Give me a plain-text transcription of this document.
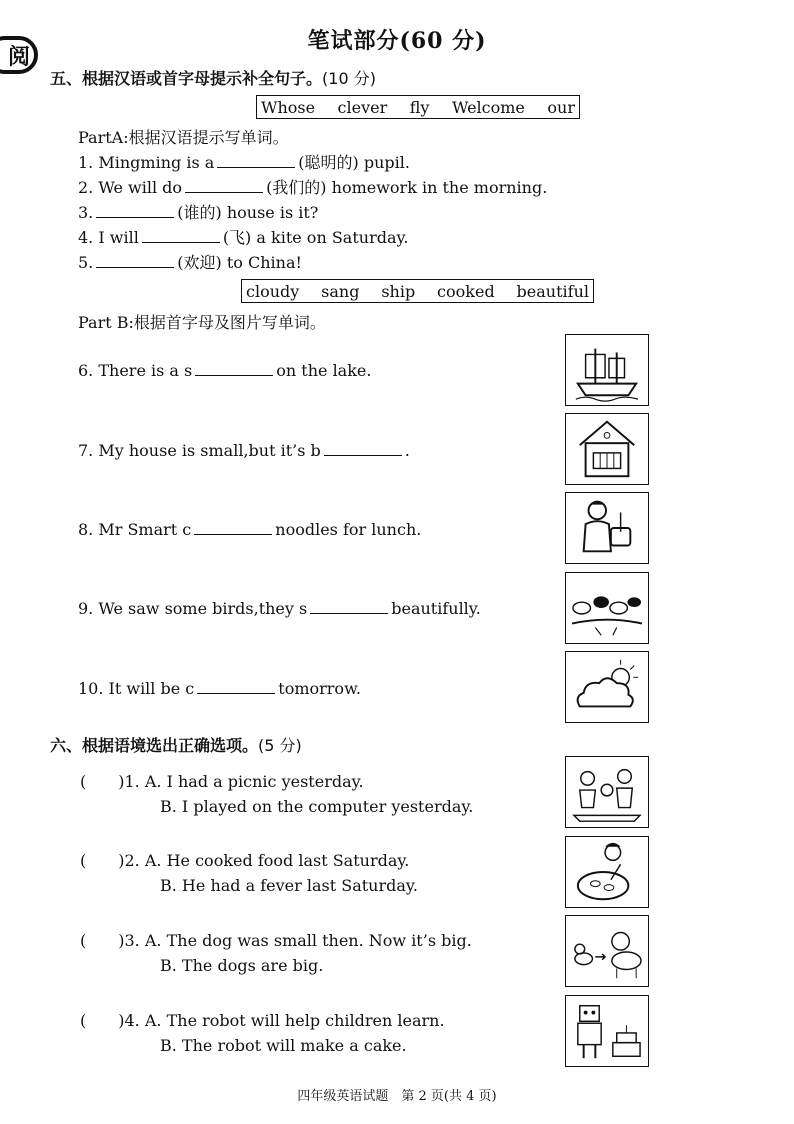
阅
笔试部分(60 分)
五、根据汉语或首字母提示补全句子。(10 分)
Whose clever fly Welcome our
PartA:根据汉语提示写单词。
1. Mingming is a	(聪明的) pupil.
2. We will do	(我们的) homework in the morning.
3.	(谁的) house is it?
4. I will	(飞) a kite on Saturday.
5.	(欢迎) to China!
cloudy sang ship cooked beautiful
Part B:根据首字母及图片写单词。
6. There is a s	on the lake.
7. My house is small,but it’s b	.
8. Mr Smart c	noodles for lunch.
9. We saw some birds,they s	beautifully.
10. It will be c	tomorrow.
六、根据语境选出正确选项。(5 分)
( )1. A. I had a picnic yesterday.
B. I played on the computer yesterday.
( )2. A. He cooked food last Saturday.
B. He had a fever last Saturday.
( )3. A. The dog was small then. Now it’s big.
B. The dogs are big.
( )4. A. The robot will help children learn.
B. The robot will make a cake.
四年级英语试题　第 2 页(共 4 页)
